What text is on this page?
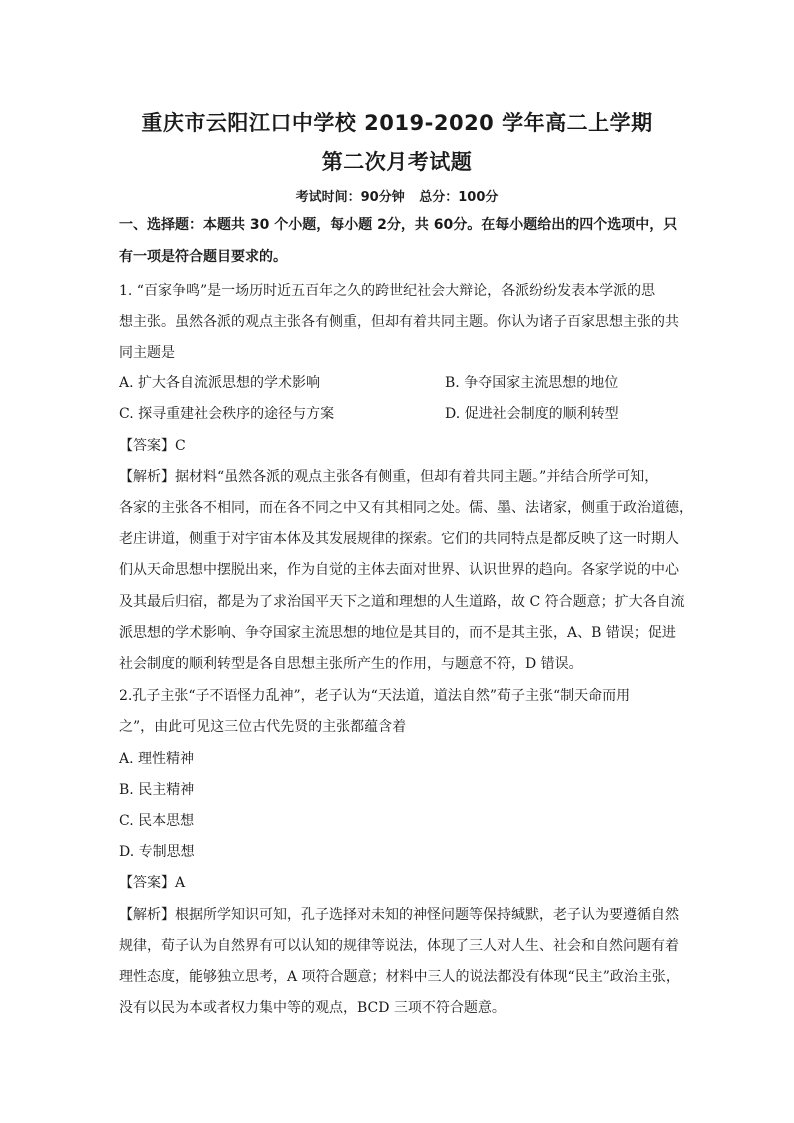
重庆市云阳江口中学校 2019-2020 学年高二上学期
第二次月考试题
考试时间：90分钟 总分：100分
一、选择题：本题共 30 个小题，每小题 2分，共 60分。在每小题给出的四个选项中，只
有一项是符合题目要求的。
1. “百家争鸣”是一场历时近五百年之久的跨世纪社会大辩论，各派纷纷发表本学派的思
想主张。虽然各派的观点主张各有侧重，但却有着共同主题。你认为诸子百家思想主张的共
同主题是
A. 扩大各自流派思想的学术影响	B. 争夺国家主流思想的地位
C. 探寻重建社会秩序的途径与方案	D. 促进社会制度的顺利转型
【答案】C
【解析】据材料“虽然各派的观点主张各有侧重，但却有着共同主题。”并结合所学可知，
各家的主张各不相同，而在各不同之中又有其相同之处。儒、墨、法诸家，侧重于政治道德，
老庄讲道，侧重于对宇宙本体及其发展规律的探索。它们的共同特点是都反映了这一时期人
们从天命思想中摆脱出来，作为自觉的主体去面对世界、认识世界的趋向。各家学说的中心
及其最后归宿，都是为了求治国平天下之道和理想的人生道路，故 C 符合题意；扩大各自流
派思想的学术影响、争夺国家主流思想的地位是其目的，而不是其主张，A、B 错误；促进
社会制度的顺利转型是各自思想主张所产生的作用，与题意不符，D 错误。
2.孔子主张“子不语怪力乱神”，老子认为“天法道，道法自然”荀子主张“制天命而用
之”，由此可见这三位古代先贤的主张都蕴含着
A. 理性精神
B. 民主精神
C. 民本思想
D. 专制思想
【答案】A
【解析】根据所学知识可知，孔子选择对未知的神怪问题等保持缄默，老子认为要遵循自然
规律，荀子认为自然界有可以认知的规律等说法，体现了三人对人生、社会和自然问题有着
理性态度，能够独立思考，A 项符合题意；材料中三人的说法都没有体现“民主”政治主张，
没有以民为本或者权力集中等的观点，BCD 三项不符合题意。
